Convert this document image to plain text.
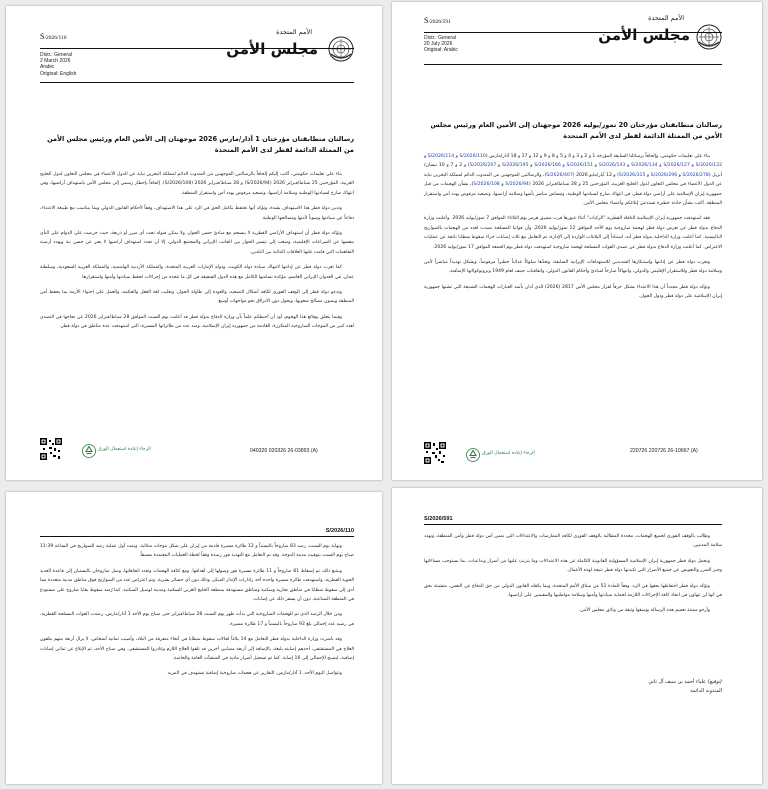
S/2026/110
الأمم المتحدة
مجلس الأمن
Distr.: General
2 March 2026
Arabic
Original: English
رسالتان متطابقتان مؤرختان 1 آذار/مارس 2026 موجهتان إلى الأمين العام ورئيس مجلس الأمن من الممثلة الدائمة لقطر لدى الأمم المتحدة

بناء على تعليمات حكومتي، أكتب إليكم إلحاقاً بالرسالتين الموجهتين من المندوب الدائم لمملكة البحرين نيابة عن الدول الأعضاء في مجلس التعاون لدول الخليج العربية، المؤرختين 25 شباط/فبراير 2026 (S/2026/94) و 28 شباط/فبراير 2026 (S/2026/108). إلحاقاً بإخطار رسمي إلى مجلس الأمن باستهداف أراضيها، وفي انتهاك صارخ لسيادتها الوطنية وسلامة أراضيها، وتصعيد مرفوض يهدد أمن واستقرار المنطقة.

وتدين دولة قطر هذا الاستهداف بشدة، وتؤكد أنها تحتفظ بكامل الحق في الرد على هذا الاستهداف، وفقاً لأحكام القانون الدولي وبما يتناسب مع طبيعة الاعتداء، دفاعاً عن سيادتها وصوناً لأمنها ومصالحها الوطنية.

وتؤكد دولة قطر أن استهداف الأراضي القطرية لا ينسجم مع مبادئ حسن الجوار، ولا يمكن قبوله تحت أي مبرر أو ذريعة، حيث حرصت على الدوام على النأي بنفسها عن الصراعات الإقليمية، وسعت إلى تيسير الحوار بين الجانب الإيراني والمجتمع الدولي، إلا أن تجدد استهداف أراضيها لا يعبر عن حسن نية ويهدد أرضية التفاهمات التي قامت عليها العلاقات الثنائية بين البلدين.

كما تعرب دولة قطر عن إدانتها لانتهاك سيادة دولة الكويت، ودولة الإمارات العربية المتحدة، والمملكة الأردنية الهاشمية، والمملكة العربية السعودية، وسلطنة عمان، في العدوان الإيراني الغاشم، مؤكدة تضامنها الكامل مع هذه الدول الشقيقة في كل ما تتخذه من إجراءات لحفظ سيادتها وأمنها واستقرارها.

وتدعو دولة قطر إلى الوقف الفوري لكافة أشكال التصعيد، والعودة إلى طاولة الحوار، وتغليب لغة العقل والحكمة، والعمل على احتواء الأزمة بما يحفظ أمن المنطقة ويصون مصالح شعوبها، ويحول دون الانزلاق نحو مواجهات أوسع.

وفيما يتعلق بوقائع هذا الهجوم، أود أن أحيطكم علماً بأن وزارة الدفاع بدولة قطر قد أعلنت يوم السبت الموافق 28 شباط/فبراير 2026 عن نجاحها في التصدي لعدد كبير من الموجات الصاروخية المتكررة، القادمة من جمهورية إيران الإسلامية، وصد عدد من طائراتها المسيرة، التي استهدفت عدة مناطق في دولة قطر.

الرجاء إعادة استعمال الورق	040326 020326 26-03893 (A)
S/2026/591	الأمم المتحدة
مجلس الأمن
Distr.: General
20 July 2026
Original: Arabic
رسالتان متطابقتان مؤرختان 20 تموز/يوليه 2026 موجهتان إلى الأمين العام ورئيس مجلس الأمن من الممثلة الدائمة لقطر لدى الأمم المتحدة

بناء على تعليمات حكومتي، وإلحاقاً برسائلنا السابقة المؤرخة 1 و 2 و 3 و 4 و 5 و 8 و 9 و 12 و 17 و 18 آذار/مارس (S/2026/110 و S/2026/114 و S/2026/122 و S/2026/127 و S/2026/134 و S/2026/143 و S/2026/151 و S/2026/166 و S/2026/195 و S/2026/207) و 2 و 7 و 10 نيسان/أبريل (S/2026/278 و S/2026/296 و S/2026/315) و 12 أيار/مايو 2026 (S/2026/407)، والرسالتين الموجهتين من المندوب الدائم لمملكة البحرين نيابة عن الدول الأعضاء في مجلس التعاون لدول الخليج العربية، المؤرختين 25 و 28 شباط/فبراير 2026 (S/2026/94 و S/2026/108)، بشأن الهجمات من قبل جمهورية إيران الإسلامية على أراضي دولة قطر، في انتهاك صارخ لسيادتها الوطنية، ومساس مباشر بأمنها وسلامة أراضيها، وتصعيد مرفوض يهدد أمن واستقرار المنطقة، أكتب بشأن حادثة خطيرة تستدعي إبلاغكم وأعضاء مجلس الأمن.

فقد استهدفت جمهورية إيران الإسلامية الناقلة القطرية "الركيات" أثناء عبورها قرب مضيق هرمز يوم الثلاثاء الموافق 7 تموز/يوليه 2026. وأعلنت وزارة الدفاع بدولة قطر عن تعرض دولة قطر لهجمة صاروخية يوم الأحد الموافق 12 تموز/يوليه 2026، وأن قواتنا المسلحة تصدت لعدد من الهجمات بالصواريخ الباليستية. كما أعلنت وزارة الداخلية بدولة قطر أنه، استناداً إلى البلاغات الواردة إلى الإدارة، تم التعامل مع ثلاث إصابات جراء سقوط شظايا ناتجة عن عمليات الاعتراض. كما أعلنت وزارة الدفاع بدولة قطر عن تصدي القوات المسلحة لهجمة صاروخية استهدفت دولة قطر يوم الجمعة الموافق 17 تموز/يوليه 2026.

وتعرب دولة قطر عن إدانتها واستنكارها الشديدين للاستهدافات الإيرانية السابقة، وتعدّها سلوكاً عدائياً خطيراً مرفوضاً، ويشكل تهديداً مباشراً لأمن وسلامة دولة قطر وللاستقرار الإقليمي والدولي، وانتهاكاً صارخاً لمبادئ وأحكام القانون الدولي، واتفاقيات جنيف لعام 1949 وبروتوكولاتها الإضافية.

وتؤكد دولة قطر مجدداً أن هذا الاعتداء يشكل خرقاً لقرار مجلس الأمن 2817 (2026) الذي أدان بأشد العبارات الهجمات الشنيعة التي تشنها جمهورية إيران الإسلامية على دولة قطر ودول الجوار،

الرجاء إعادة استعمال الورق	220726 220726 26-10667 (A)
S/2026/110

ونهاية يوم السبت، رصد 83 صاروخاً باليستياً و 12 طائرة مسيرة قادمة من إيران على شكل موجات متتالية. وتمت أول عملية رصد للصواريخ في الساعة 11:39 صباح يوم السبت بتوقيت مدينة الدوحة. وقد تم التعامل مع التهديد فور رصده وفقاً لخطة العمليات المعتمدة مسبقاً.

وبتتبع ذلك، تم إسقاط 81 صاروخاً و 11 طائرة مسيرة فور وصولها إلى أهدافها. ومع كثافة الهجمات وتعدد اتجاهاتها، وصل صاروخان باليستيان إلى قاعدة العديد الجوية القطرية، واستهدفت طائرة مسيرة واحدة أحد رادارات الإنذار المبكر، وذلك دون أي خسائر بشرية. وتم اعتراض عدد من الصواريخ فوق مناطق مدنية متعددة مما أدى إلى سقوط شظايا في مناطق تجارية وسكنية ومناطق مستهدفة بمنطقة الخليج الغربي السكنية ومدينة لوسيل السكنية. كما رُصد سقوط بقايا صاروخ على مستودع في المنطقة الصناعية، دون أن يسفر ذلك عن إصابات.

ومن خلال الرصد الذي تم للهجمات الصاروخية التي بدأت ظهر يوم السبت 28 شباط/فبراير حتى صباح يوم الأحد 1 آذار/مارس، رصدت القوات المسلحة القطرية، في رصيد عدد إجمالي بلغ 92 صاروخاً باليستياً و 17 طائرة مسيرة.

وقد باشرت وزارة الداخلية بدولة قطر التعامل مع 14 بلاغاً لحالات سقوط شظايا في أنحاء متفرقة من البلاد، وأصيب ثمانية أشخاص، لا يزال أربعة منهم يتلقون العلاج في المستشفى، أحدهم إصابته بليغة، بالإضافة إلى أربعة مصابين آخرين قد تلقوا العلاج اللازم وغادروا المستشفى. وفي صباح الأحد، تم الإبلاغ عن ثماني إصابات إضافية، ليصبح الإجمالي إلى 16 إصابة. كما تم تسجيل أضرار مادية في المنشآت العامة والخاصة.

وتتواصل اليوم الأحد، 1 آذار/مارس، التقارير عن هجمات صاروخية إضافية تستهدف في المزيد

S/2026/591

وطالب بالوقف الفوري لجميع الهجمات، مجددة المطالبة بالوقف الفوري لكافة الممارسات والاعتداءات التي تمس أمن دولة قطر وأمن المنطقة، وتهدد سلامة المدنيين.

وتحمل دولة قطر جمهورية إيران الإسلامية المسؤولية القانونية الكاملة عن هذه الاعتداءات وما يترتب عليها من أضرار وتداعيات، بما يستوجب مساءلتها وجبر الضرر والتعويض عن جميع الأضرار التي تكبدتها دولة قطر نتيجة لهذه الأعمال.

وتؤكد دولة قطر احتفاظها بحقها في الرد، وفقاً للمادة 51 من ميثاق الأمم المتحدة، وبما يكفله القانون الدولي من حق الدفاع عن النفس، متشبثة بحق في أنها لن تتهاون في اتخاذ كافة الإجراءات اللازمة لحماية سيادتها وأمنها وسلامة مواطنيها والمقيمين على أراضيها.

وأرجو ممتنة تعميم هذه الرسالة بوصفها وثيقة من وثائق مجلس الأمن.

(توقيع) علياء أحمد بن سيف آل ثاني
المندوبة الدائمة
